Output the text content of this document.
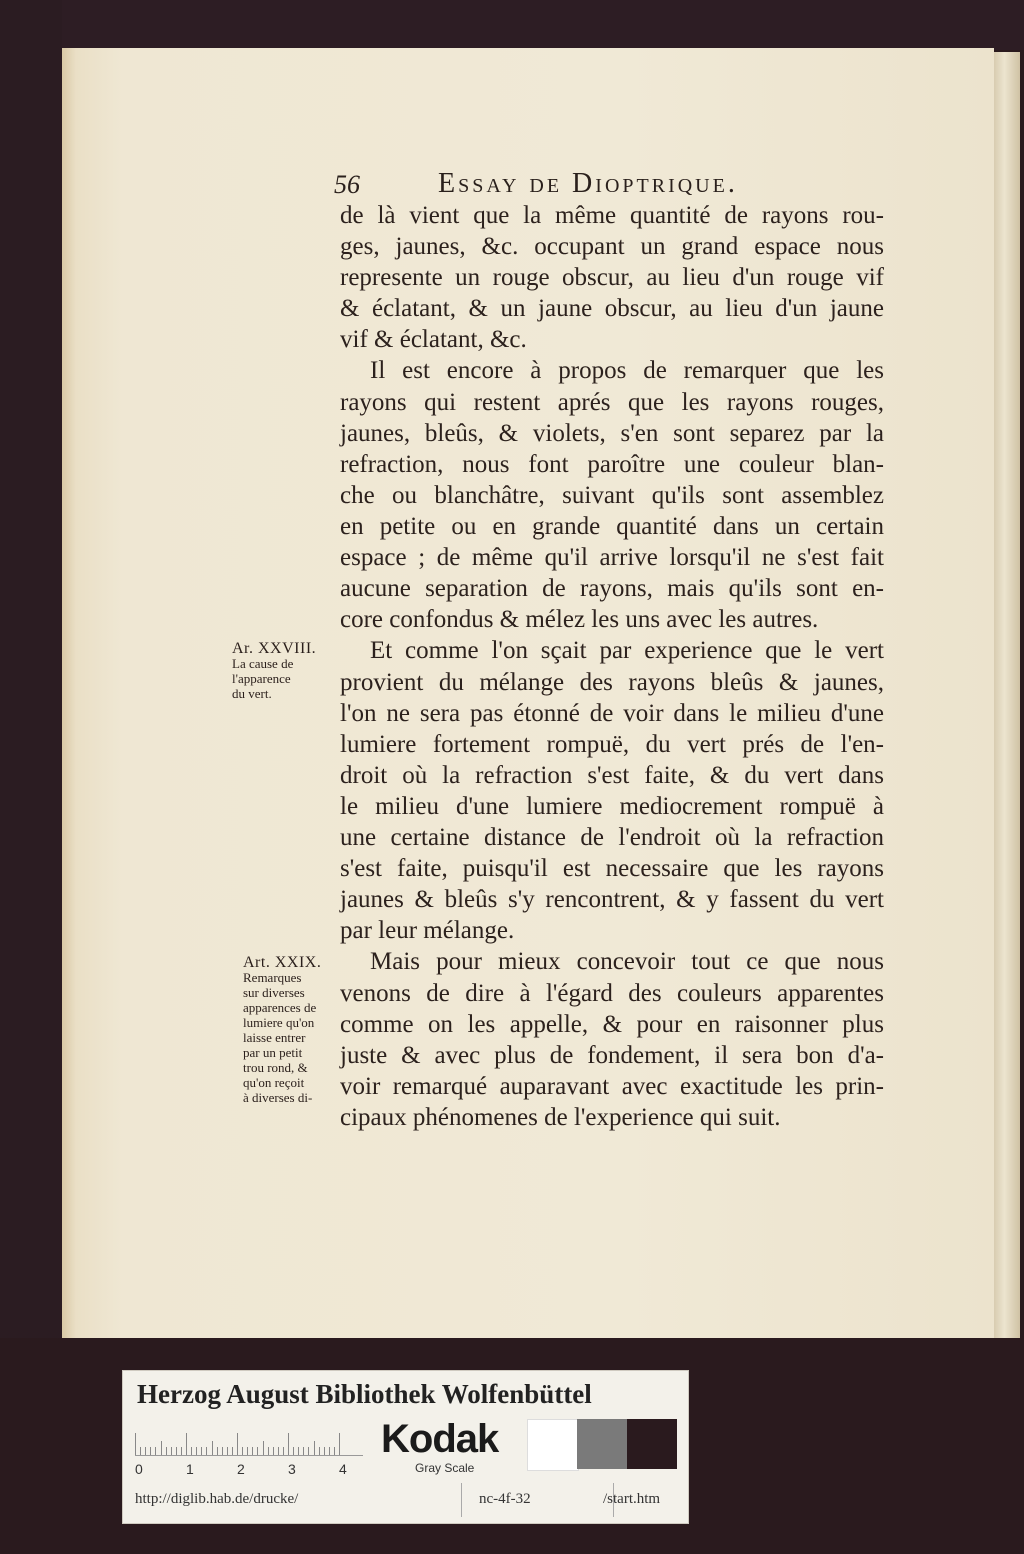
56	Essay de Dioptrique.
de là vient que la même quantité de rayons rou-
ges, jaunes, &c. occupant un grand espace nous
represente un rouge obscur, au lieu d'un rouge vif
& éclatant, & un jaune obscur, au lieu d'un jaune
vif & éclatant, &c.
Il est encore à propos de remarquer que les
rayons qui restent aprés que les rayons rouges,
jaunes, bleûs, & violets, s'en sont separez par la
refraction, nous font paroître une couleur blan-
che ou blanchâtre, suivant qu'ils sont assemblez
en petite ou en grande quantité dans un certain
espace ; de même qu'il arrive lorsqu'il ne s'est fait
aucune separation de rayons, mais qu'ils sont en-
core confondus & mélez les uns avec les autres.
Et comme l'on sçait par experience que le vert
provient du mélange des rayons bleûs & jaunes,
l'on ne sera pas étonné de voir dans le milieu d'une
lumiere fortement rompuë, du vert prés de l'en-
droit où la refraction s'est faite, & du vert dans
le milieu d'une lumiere mediocrement rompuë à
une certaine distance de l'endroit où la refraction
s'est faite, puisqu'il est necessaire que les rayons
jaunes & bleûs s'y rencontrent, & y fassent du vert
par leur mélange.
Mais pour mieux concevoir tout ce que nous
venons de dire à l'égard des couleurs apparentes
comme on les appelle, & pour en raisonner plus
juste & avec plus de fondement, il sera bon d'a-
voir remarqué auparavant avec exactitude les prin-
cipaux phénomenes de l'experience qui suit.
Ar. XXVIII.
La cause de
l'apparence
du vert.
Art. XXIX.
Remarques
sur diverses
apparences de
lumiere qu'on
laisse entrer
par un petit
trou rond, &
qu'on reçoit
à diverses di-
Herzog August Bibliothek Wolfenbüttel
0	1	2	3	4
Kodak
Gray Scale
http://diglib.hab.de/drucke/	nc-4f-32	/start.htm
